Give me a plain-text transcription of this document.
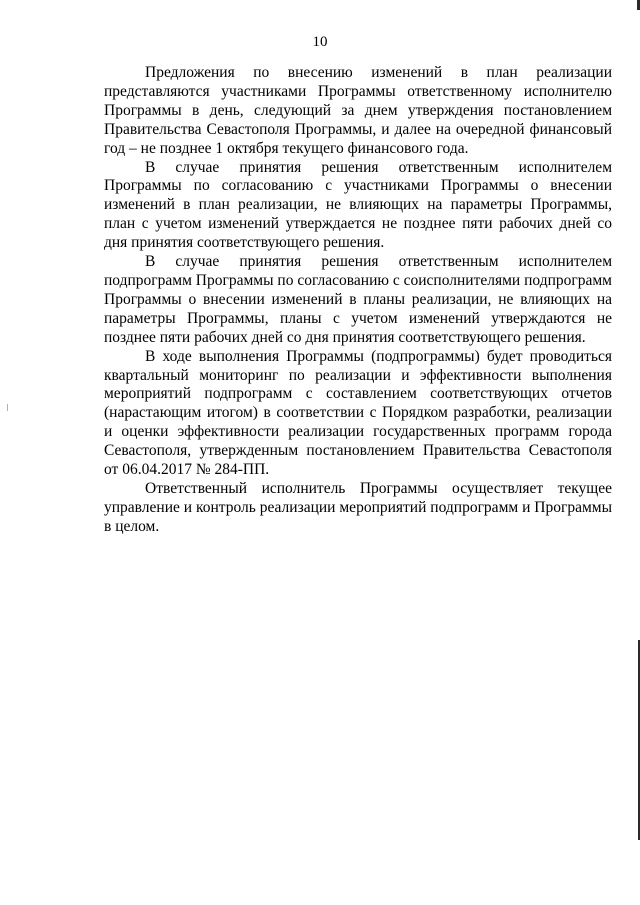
10

Предложения по внесению изменений в план реализации представляются участниками Программы ответственному исполнителю Программы в день, следующий за днем утверждения постановлением Правительства Севастополя Программы, и далее на очередной финансовый год – не позднее 1 октября текущего финансового года.

В случае принятия решения ответственным исполнителем Программы по согласованию с участниками Программы о внесении изменений в план реализации, не влияющих на параметры Программы, план с учетом изменений утверждается не позднее пяти рабочих дней со дня принятия соответствующего решения.

В случае принятия решения ответственным исполнителем подпрограмм Программы по согласованию с соисполнителями подпрограмм Программы о внесении изменений в планы реализации, не влияющих на параметры Программы, планы с учетом изменений утверждаются не позднее пяти рабочих дней со дня принятия соответствующего решения.

В ходе выполнения Программы (подпрограммы) будет проводиться квартальный мониторинг по реализации и эффективности выполнения мероприятий подпрограмм с составлением соответствующих отчетов (нарастающим итогом) в соответствии с Порядком разработки, реализации и оценки эффективности реализации государственных программ города Севастополя, утвержденным постановлением Правительства Севастополя от 06.04.2017 № 284-ПП.

Ответственный исполнитель Программы осуществляет текущее управление и контроль реализации мероприятий подпрограмм и Программы в целом.
